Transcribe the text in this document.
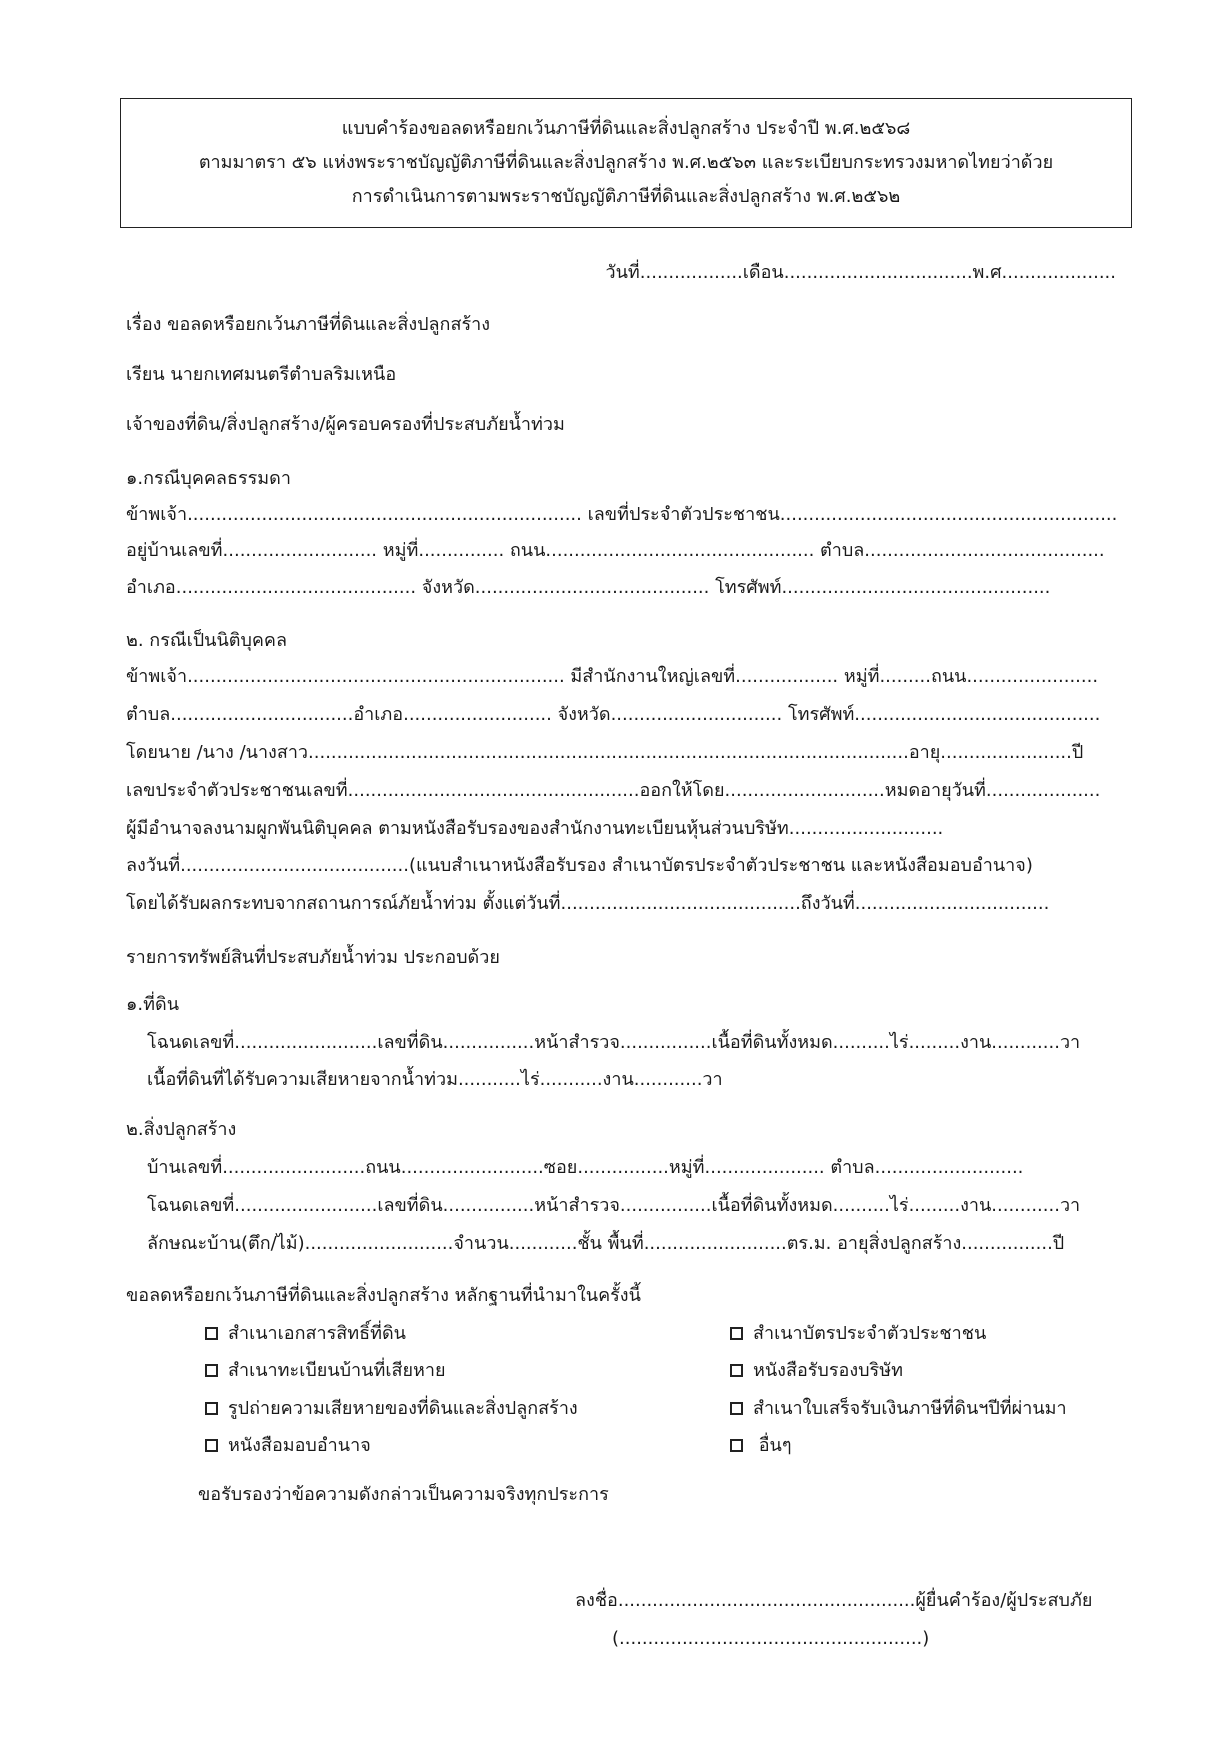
แบบคำร้องขอลดหรือยกเว้นภาษีที่ดินและสิ่งปลูกสร้าง ประจำปี พ.ศ.๒๕๖๘
ตามมาตรา ๕๖ แห่งพระราชบัญญัติภาษีที่ดินและสิ่งปลูกสร้าง พ.ศ.๒๕๖๓ และระเบียบกระทรวงมหาดไทยว่าด้วย
การดำเนินการตามพระราชบัญญัติภาษีที่ดินและสิ่งปลูกสร้าง พ.ศ.๒๕๖๒
วันที่..................เดือน.................................พ.ศ....................
เรื่อง ขอลดหรือยกเว้นภาษีที่ดินและสิ่งปลูกสร้าง
เรียน นายกเทศมนตรีตำบลริมเหนือ
เจ้าของที่ดิน/สิ่งปลูกสร้าง/ผู้ครอบครองที่ประสบภัยน้ำท่วม
๑.กรณีบุคคลธรรมดา
ข้าพเจ้า..................................................................... เลขที่ประจำตัวประชาชน...........................................................
อยู่บ้านเลขที่........................... หมู่ที่............... ถนน............................................... ตำบล..........................................
อำเภอ.......................................... จังหวัด......................................... โทรศัพท์...............................................
๒. กรณีเป็นนิติบุคคล
ข้าพเจ้า.................................................................. มีสำนักงานใหญ่เลขที่.................. หมู่ที่.........ถนน.......................
ตำบล................................อำเภอ.......................... จังหวัด.............................. โทรศัพท์...........................................
โดยนาย /นาง /นางสาว.........................................................................................................อายุ.......................ปี
เลขประจำตัวประชาชนเลขที่...................................................ออกให้โดย............................หมดอายุวันที่....................
ผู้มีอำนาจลงนามผูกพันนิติบุคคล ตามหนังสือรับรองของสำนักงานทะเบียนหุ้นส่วนบริษัท...........................
ลงวันที่........................................(แนบสำเนาหนังสือรับรอง สำเนาบัตรประจำตัวประชาชน และหนังสือมอบอำนาจ)
โดยได้รับผลกระทบจากสถานการณ์ภัยน้ำท่วม ตั้งแต่วันที่..........................................ถึงวันที่..................................
รายการทรัพย์สินที่ประสบภัยน้ำท่วม ประกอบด้วย
๑.ที่ดิน
โฉนดเลขที่.........................เลขที่ดิน................หน้าสำรวจ................เนื้อที่ดินทั้งหมด..........ไร่.........งาน............วา
เนื้อที่ดินที่ได้รับความเสียหายจากน้ำท่วม...........ไร่...........งาน............วา
๒.สิ่งปลูกสร้าง
บ้านเลขที่.........................ถนน.........................ซอย................หมู่ที่..................... ตำบล..........................
โฉนดเลขที่.........................เลขที่ดิน................หน้าสำรวจ................เนื้อที่ดินทั้งหมด..........ไร่.........งาน............วา
ลักษณะบ้าน(ตึก/ไม้)..........................จำนวน............ชั้น พื้นที่.........................ตร.ม. อายุสิ่งปลูกสร้าง................ปี
ขอลดหรือยกเว้นภาษีที่ดินและสิ่งปลูกสร้าง หลักฐานที่นำมาในครั้งนี้
สำเนาเอกสารสิทธิ์ที่ดิน
สำเนาทะเบียนบ้านที่เสียหาย
รูปถ่ายความเสียหายของที่ดินและสิ่งปลูกสร้าง
หนังสือมอบอำนาจ
สำเนาบัตรประจำตัวประชาชน
หนังสือรับรองบริษัท
สำเนาใบเสร็จรับเงินภาษีที่ดินฯปีที่ผ่านมา
อื่นๆ
ขอรับรองว่าข้อความดังกล่าวเป็นความจริงทุกประการ
ลงชื่อ....................................................ผู้ยื่นคำร้อง/ผู้ประสบภัย
(.....................................................)
